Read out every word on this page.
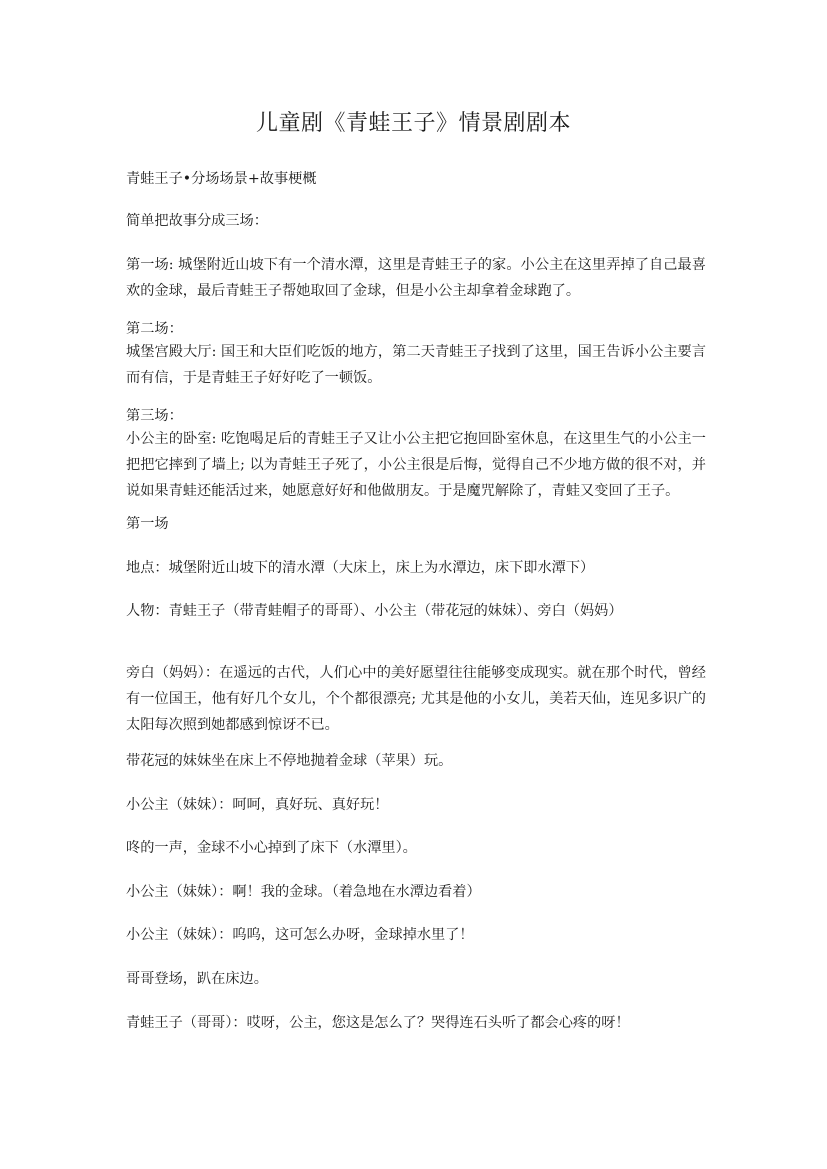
儿童剧《青蛙王子》情景剧剧本
青蛙王子•分场场景+故事梗概
简单把故事分成三场：
第一场: 城堡附近山坡下有一个清水潭，这里是青蛙王子的家。小公主在这里弄掉了自己最喜欢的金球，最后青蛙王子帮她取回了金球，但是小公主却拿着金球跑了。
第二场：
城堡宫殿大厅: 国王和大臣们吃饭的地方，第二天青蛙王子找到了这里，国王告诉小公主要言而有信，于是青蛙王子好好吃了一顿饭。
第三场：
小公主的卧室: 吃饱喝足后的青蛙王子又让小公主把它抱回卧室休息，在这里生气的小公主一把把它摔到了墙上; 以为青蛙王子死了，小公主很是后悔，觉得自己不少地方做的很不对，并说如果青蛙还能活过来，她愿意好好和他做朋友。于是魔咒解除了，青蛙又变回了王子。
第一场
地点：城堡附近山坡下的清水潭（大床上，床上为水潭边，床下即水潭下）
人物：青蛙王子（带青蛙帽子的哥哥）、小公主（带花冠的妹妹）、旁白（妈妈）
旁白（妈妈）：在遥远的古代，人们心中的美好愿望往往能够变成现实。就在那个时代，曾经有一位国王，他有好几个女儿，个个都很漂亮; 尤其是他的小女儿，美若天仙，连见多识广的太阳每次照到她都感到惊讶不已。
带花冠的妹妹坐在床上不停地抛着金球（苹果）玩。
小公主（妹妹）：呵呵，真好玩、真好玩！
咚的一声，金球不小心掉到了床下（水潭里）。
小公主（妹妹）：啊！我的金球。（着急地在水潭边看着）
小公主（妹妹）：呜呜，这可怎么办呀，金球掉水里了！
哥哥登场，趴在床边。
青蛙王子（哥哥）：哎呀，公主，您这是怎么了？哭得连石头听了都会心疼的呀！
